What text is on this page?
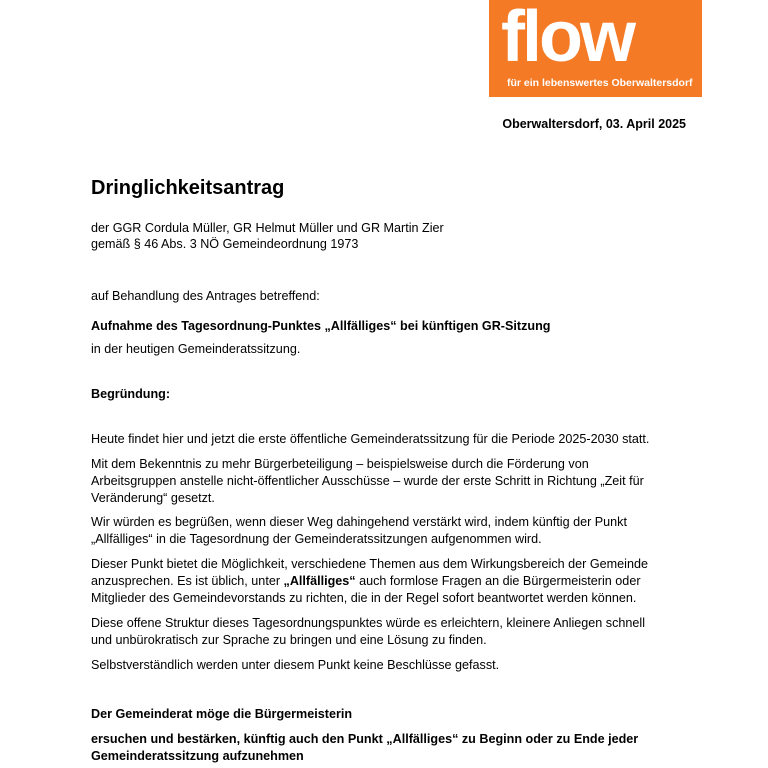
flow
für ein lebenswertes Oberwaltersdorf
Oberwaltersdorf, 03. April 2025
Dringlichkeitsantrag

der GGR Cordula Müller, GR Helmut Müller und GR Martin Zier

gemäß § 46 Abs. 3 NÖ Gemeindeordnung 1973

auf Behandlung des Antrages betreffend:

Aufnahme des Tagesordnung-Punktes „Allfälliges“ bei künftigen GR-Sitzung

in der heutigen Gemeinderatssitzung.

Begründung:

Heute findet hier und jetzt die erste öffentliche Gemeinderatssitzung für die Periode 2025-2030 statt.

Mit dem Bekenntnis zu mehr Bürgerbeteiligung – beispielsweise durch die Förderung von

Arbeitsgruppen anstelle nicht-öffentlicher Ausschüsse – wurde der erste Schritt in Richtung „Zeit für

Veränderung“ gesetzt.

Wir würden es begrüßen, wenn dieser Weg dahingehend verstärkt wird, indem künftig der Punkt

„Allfälliges“ in die Tagesordnung der Gemeinderatssitzungen aufgenommen wird.

Dieser Punkt bietet die Möglichkeit, verschiedene Themen aus dem Wirkungsbereich der Gemeinde

anzusprechen. Es ist üblich, unter „Allfälliges“ auch formlose Fragen an die Bürgermeisterin oder

Mitglieder des Gemeindevorstands zu richten, die in der Regel sofort beantwortet werden können.

Diese offene Struktur dieses Tagesordnungspunktes würde es erleichtern, kleinere Anliegen schnell

und unbürokratisch zur Sprache zu bringen und eine Lösung zu finden.

Selbstverständlich werden unter diesem Punkt keine Beschlüsse gefasst.

Der Gemeinderat möge die Bürgermeisterin

ersuchen und bestärken, künftig auch den Punkt „Allfälliges“ zu Beginn oder zu Ende jeder

Gemeinderatssitzung aufzunehmen
